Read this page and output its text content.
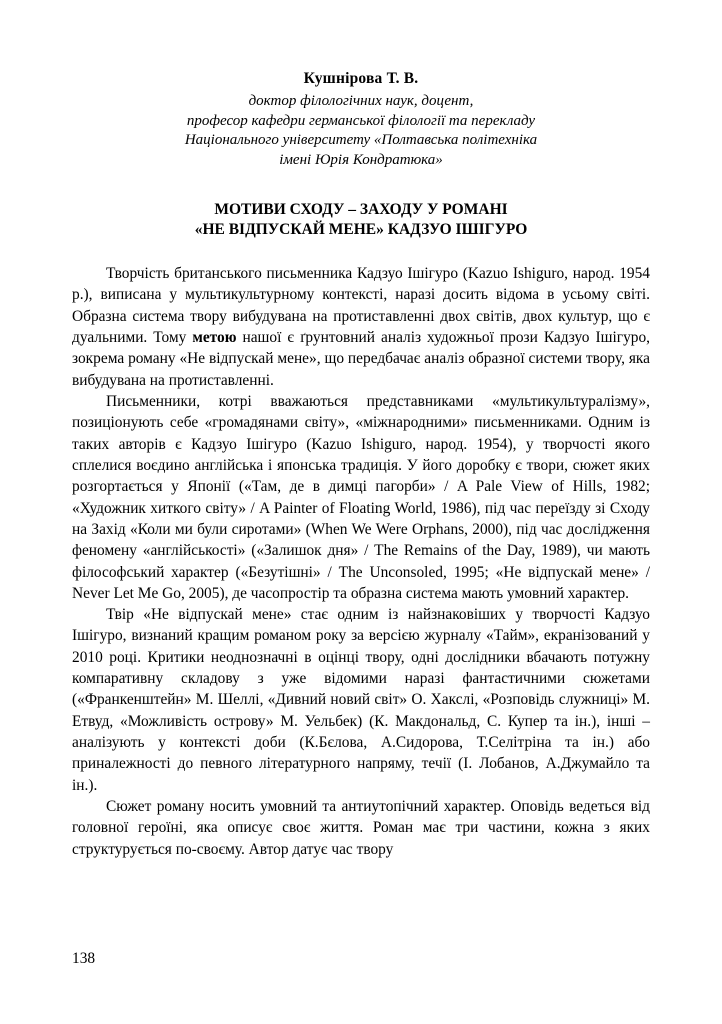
Кушнірова Т. В.
доктор філологічних наук, доцент,
професор кафедри германської філології та перекладу
Національного університету «Полтавська політехніка
імені Юрія Кондратюка»
МОТИВИ СХОДУ – ЗАХОДУ У РОМАНІ
«НЕ ВІДПУСКАЙ МЕНЕ» КАДЗУО ІШІГУРО

Творчість британського письменника Кадзуо Ішігуро (Kazuo Ishiguro, народ. 1954 р.), виписана у мультикультурному контексті, наразі досить відома в усьому світі. Образна система твору вибудувана на протиставленні двох світів, двох культур, що є дуальними. Тому метою нашої є ґрунтовний аналіз художньої прози Кадзуо Ішігуро, зокрема роману «Не відпускай мене», що передбачає аналіз образної системи твору, яка вибудувана на протиставленні.

Письменники, котрі вважаються представниками «мультикультуралізму», позиціонують себе «громадянами світу», «міжнародними» письменниками. Одним із таких авторів є Кадзуо Ішігуро (Kazuo Ishiguro, народ. 1954), у творчості якого сплелися воєдино англійська і японська традиція. У його доробку є твори, сюжет яких розгортається у Японії («Там, де в димці пагорби» / A Pale View of Hills, 1982; «Художник хиткого світу» / A Painter of Floating World, 1986), під час переїзду зі Сходу на Захід «Коли ми були сиротами» (When We Were Orphans, 2000), під час дослідження феномену «англійськості» («Залишок дня» / The Remains of the Day, 1989), чи мають філософський характер («Безутішні» / The Unconsoled, 1995; «Не відпускай мене» / Never Let Me Go, 2005), де часопростір та образна система мають умовний характер.

Твір «Не відпускай мене» стає одним із найзнаковіших у творчості Кадзуо Ішігуро, визнаний кращим романом року за версією журналу «Тайм», екранізований у 2010 році. Критики неоднозначні в оцінці твору, одні дослідники вбачають потужну компаративну складову з уже відомими наразі фантастичними сюжетами («Франкенштейн» М. Шеллі, «Дивний новий світ» О. Хакслі, «Розповідь служниці» М. Етвуд, «Можливість острову» М. Уельбек) (К. Макдональд, С. Купер та ін.), інші – аналізують у контексті доби (К.Бєлова, А.Сидорова, Т.Селітріна та ін.) або приналежності до певного літературного напряму, течії (І. Лобанов, А.Джумайло та ін.).

Сюжет роману носить умовний та антиутопічний характер. Оповідь ведеться від головної героїні, яка описує своє життя. Роман має три частини, кожна з яких структурується по-своєму. Автор датує час твору

138
